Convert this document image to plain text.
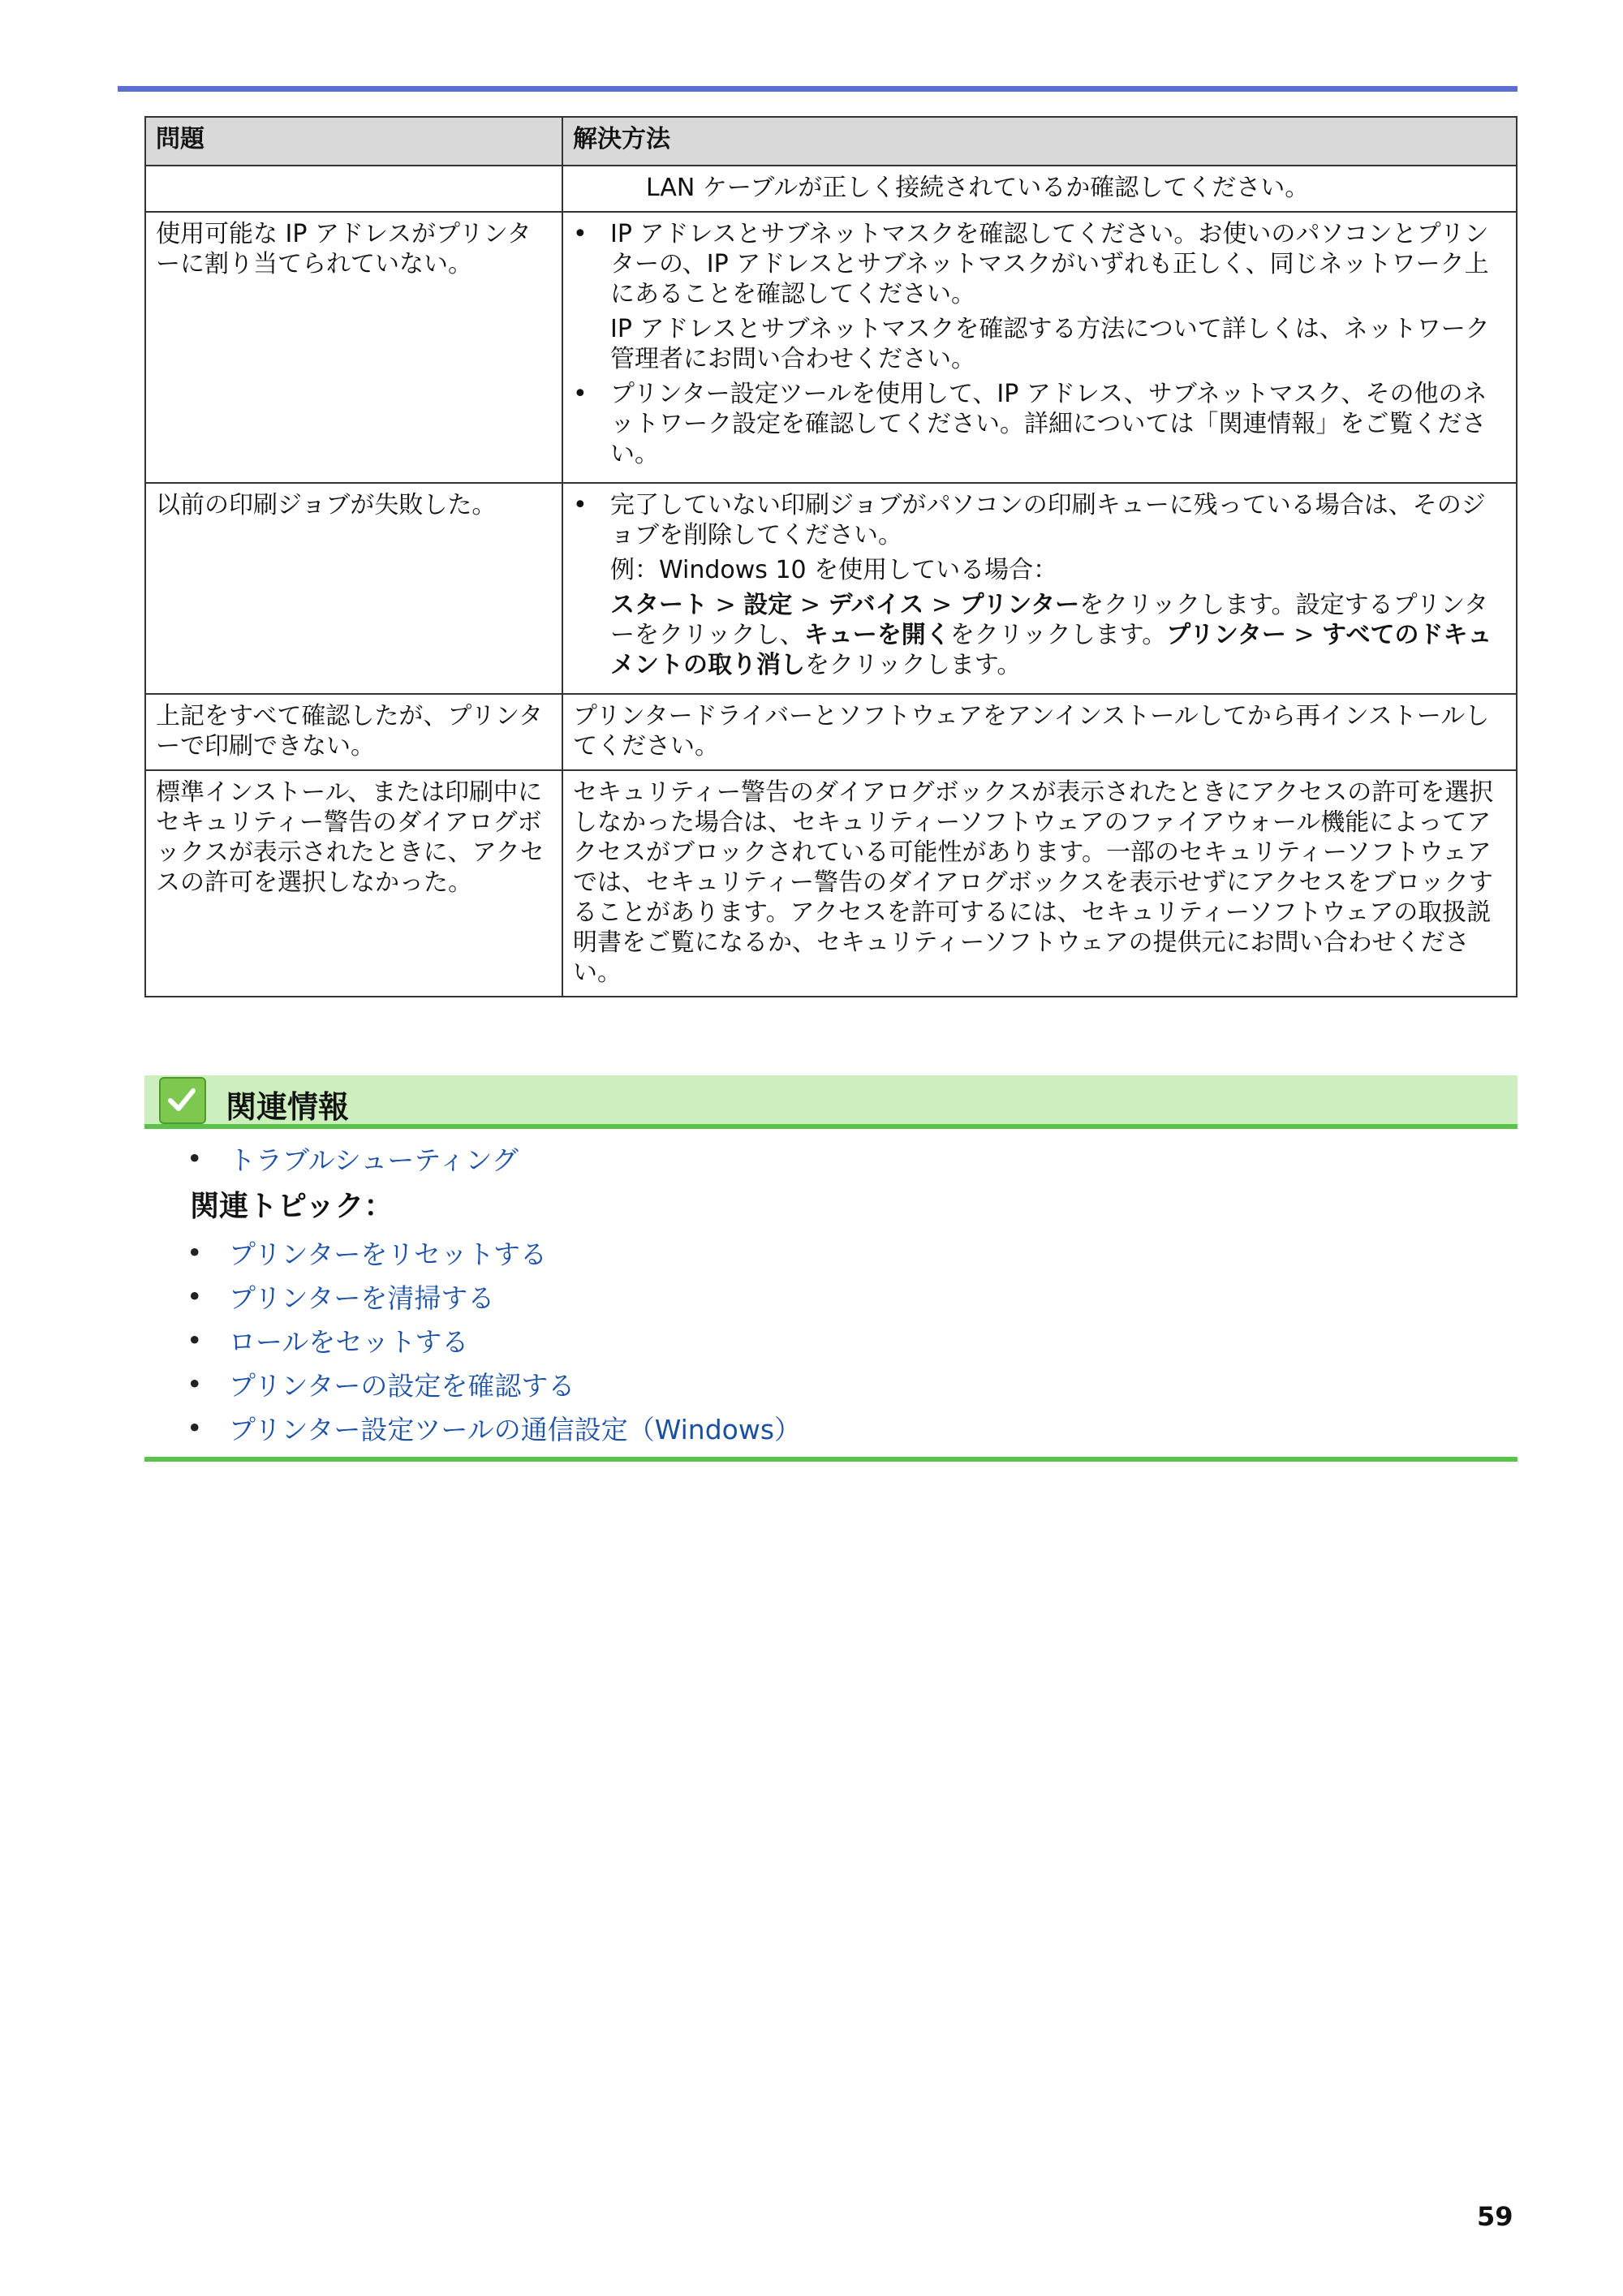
問題	解決方法

	LAN ケーブルが正しく接続されているか確認してください。

使用可能な IP アドレスがプリンターに割り当てられていない。	• IP アドレスとサブネットマスクを確認してください。お使いのパソコンとプリンターの、IP アドレスとサブネットマスクがいずれも正しく、同じネットワーク上にあることを確認してください。
IP アドレスとサブネットマスクを確認する方法について詳しくは、ネットワーク管理者にお問い合わせください。
• プリンター設定ツールを使用して、IP アドレス、サブネットマスク、その他のネットワーク設定を確認してください。詳細については「関連情報」をご覧ください。

以前の印刷ジョブが失敗した。	• 完了していない印刷ジョブがパソコンの印刷キューに残っている場合は、そのジョブを削除してください。
例：Windows 10 を使用している場合：
スタート > 設定 > デバイス > プリンターをクリックします。設定するプリンターをクリックし、キューを開くをクリックします。プリンター > すべてのドキュメントの取り消しをクリックします。

上記をすべて確認したが、プリンターで印刷できない。	プリンタードライバーとソフトウェアをアンインストールしてから再インストールしてください。
標準インストール、または印刷中にセキュリティー警告のダイアログボックスが表示されたときに、アクセスの許可を選択しなかった。	セキュリティー警告のダイアログボックスが表示されたときにアクセスの許可を選択しなかった場合は、セキュリティーソフトウェアのファイアウォール機能によってアクセスがブロックされている可能性があります。一部のセキュリティーソフトウェアでは、セキュリティー警告のダイアログボックスを表示せずにアクセスをブロックすることがあります。アクセスを許可するには、セキュリティーソフトウェアの取扱説明書をご覧になるか、セキュリティーソフトウェアの提供元にお問い合わせください。
関連情報
• トラブルシューティング
関連トピック：
• プリンターをリセットする
• プリンターを清掃する
• ロールをセットする
• プリンターの設定を確認する
• プリンター設定ツールの通信設定（Windows）
59
